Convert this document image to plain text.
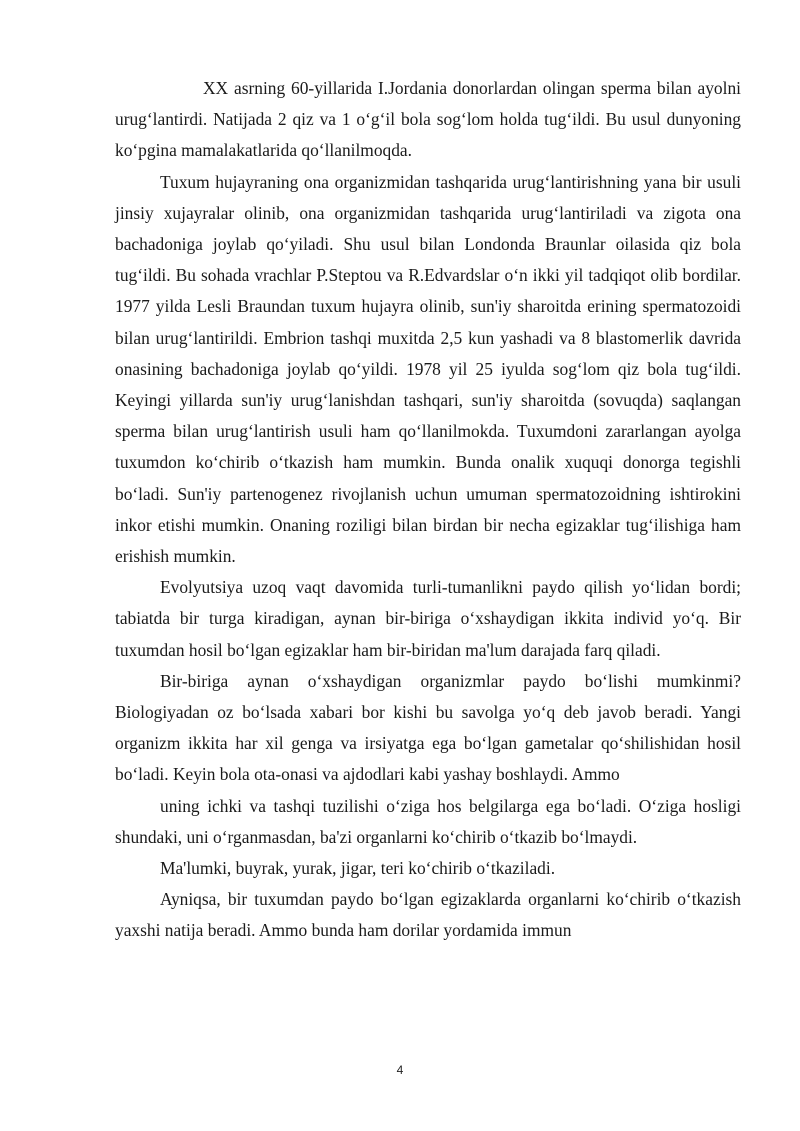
XX asrning 60-yillarida I.Jordania donorlardan olingan sperma bilan ayolni urug‘lantirdi. Natijada 2 qiz va 1 o‘g‘il bola sog‘lom holda tug‘ildi. Bu usul dunyoning ko‘pgina mamalakatlarida qo‘llanilmoqda.

Tuxum hujayraning ona organizmidan tashqarida urug‘lantirishning yana bir usuli jinsiy xujayralar olinib, ona organizmidan tashqarida urug‘lantiriladi va zigota ona bachadoniga joylab qo‘yiladi. Shu usul bilan Londonda Braunlar oilasida qiz bola tug‘ildi. Bu sohada vrachlar P.Steptou va R.Edvardslar o‘n ikki yil tadqiqot olib bordilar. 1977 yilda Lesli Braundan tuxum hujayra olinib, sun'iy sharoitda erining spermatozoidi bilan urug‘lantirildi. Embrion tashqi muxitda 2,5 kun yashadi va 8 blastomerlik davrida onasining bachadoniga joylab qo‘yildi. 1978 yil 25 iyulda sog‘lom qiz bola tug‘ildi. Keyingi yillarda sun'iy urug‘lanishdan tashqari, sun'iy sharoitda (sovuqda) saqlangan sperma bilan urug‘lantirish usuli ham qo‘llanilmokda. Tuxumdoni zararlangan ayolga tuxumdon ko‘chirib o‘tkazish ham mumkin. Bunda onalik xuquqi donorga tegishli bo‘ladi. Sun'iy partenogenez rivojlanish uchun umuman spermatozoidning ishtirokini inkor etishi mumkin. Onaning roziligi bilan birdan bir necha egizaklar tug‘ilishiga ham erishish mumkin.

Evolyutsiya uzoq vaqt davomida turli-tumanlikni paydo qilish yo‘lidan bordi; tabiatda bir turga kiradigan, aynan bir-biriga o‘xshaydigan ikkita individ yo‘q. Bir tuxumdan hosil bo‘lgan egizaklar ham bir-biridan ma'lum darajada farq qiladi.

Bir-biriga aynan o‘xshaydigan organizmlar paydo bo‘lishi mumkinmi? Biologiyadan oz bo‘lsada xabari bor kishi bu savolga yo‘q deb javob beradi. Yangi organizm ikkita har xil genga va irsiyatga ega bo‘lgan gametalar qo‘shilishidan hosil bo‘ladi. Keyin bola ota-onasi va ajdodlari kabi yashay boshlaydi. Ammo

uning ichki va tashqi tuzilishi o‘ziga hos belgilarga ega bo‘ladi. O‘ziga hosligi shundaki, uni o‘rganmasdan, ba'zi organlarni ko‘chirib o‘tkazib bo‘lmaydi.

Ma'lumki, buyrak, yurak, jigar, teri ko‘chirib o‘tkaziladi.

Ayniqsa, bir tuxumdan paydo bo‘lgan egizaklarda organlarni ko‘chirib o‘tkazish yaxshi natija beradi. Ammo bunda ham dorilar yordamida immun

4
